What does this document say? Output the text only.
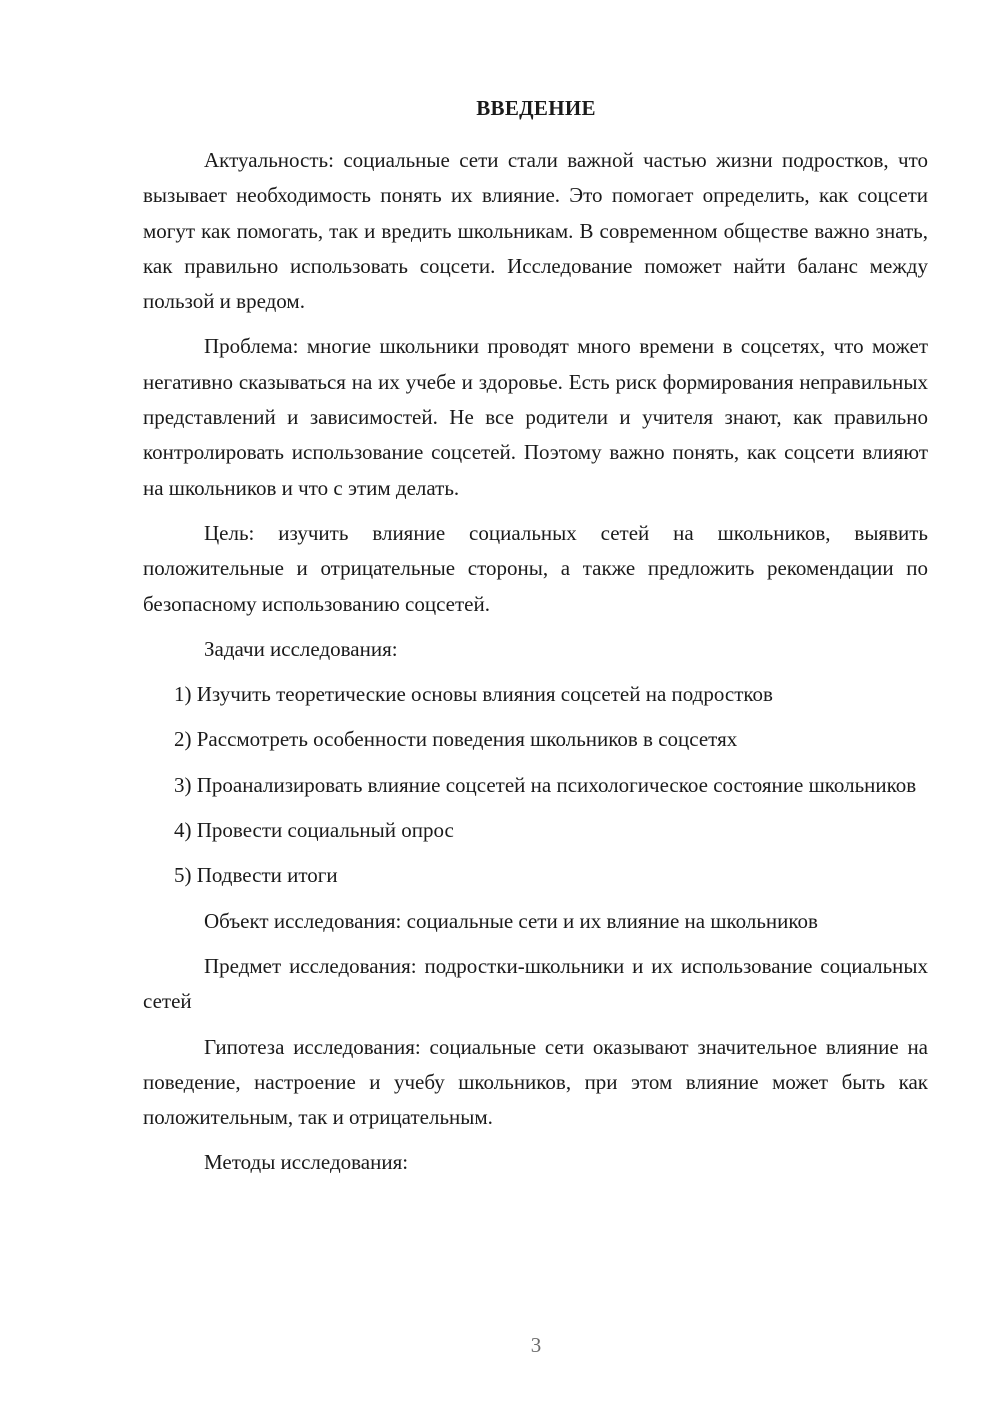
ВВЕДЕНИЕ

Актуальность: социальные сети стали важной частью жизни подростков, что вызывает необходимость понять их влияние. Это помогает определить, как соцсети могут как помогать, так и вредить школьникам. В современном обществе важно знать, как правильно использовать соцсети. Исследование поможет найти баланс между пользой и вредом.

Проблема: многие школьники проводят много времени в соцсетях, что может негативно сказываться на их учебе и здоровье. Есть риск формирования неправильных представлений и зависимостей. Не все родители и учителя знают, как правильно контролировать использование соцсетей. Поэтому важно понять, как соцсети влияют на школьников и что с этим делать.

Цель: изучить влияние социальных сетей на школьников, выявить положительные и отрицательные стороны, а также предложить рекомендации по безопасному использованию соцсетей.

Задачи исследования:

1) Изучить теоретические основы влияния соцсетей на подростков

2) Рассмотреть особенности поведения школьников в соцсетях

3) Проанализировать влияние соцсетей на психологическое состояние школьников

4) Провести социальный опрос

5) Подвести итоги

Объект исследования: социальные сети и их влияние на школьников

Предмет исследования: подростки-школьники и их использование социальных сетей

Гипотеза исследования: социальные сети оказывают значительное влияние на поведение, настроение и учебу школьников, при этом влияние может быть как положительным, так и отрицательным.

Методы исследования:

3
